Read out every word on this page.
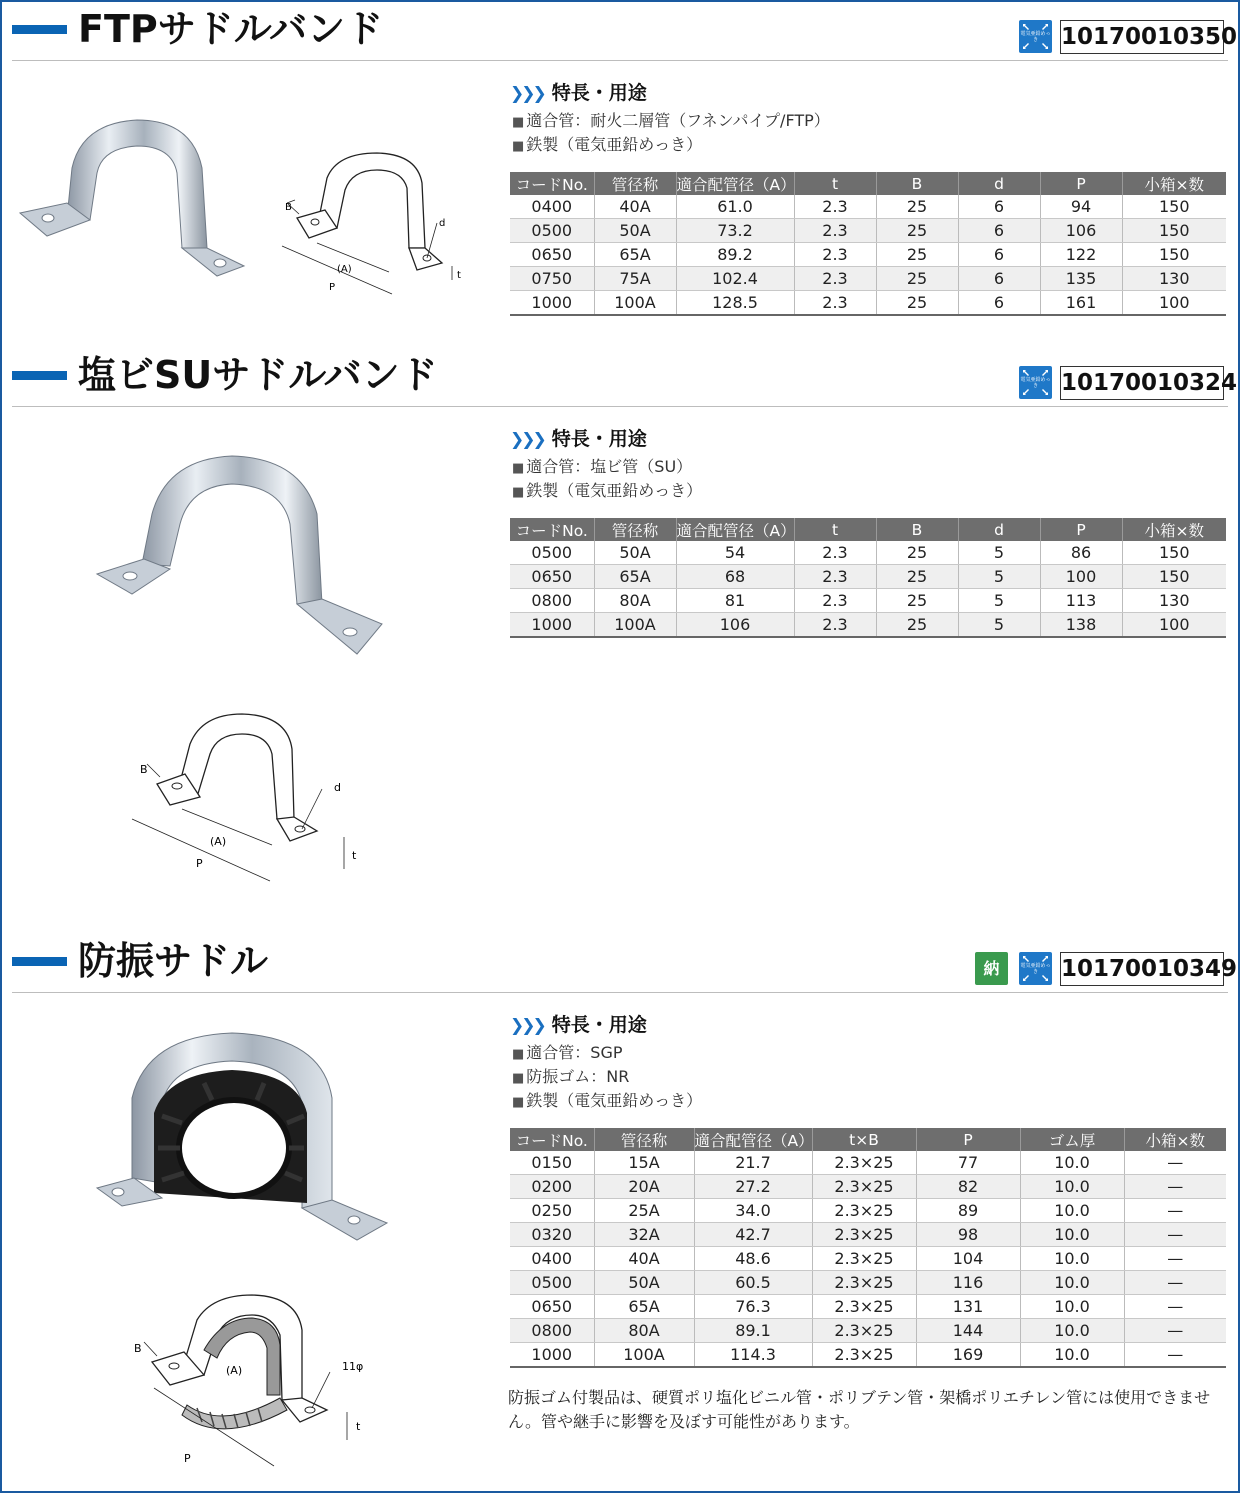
FTPサドルバンド	電気亜鉛めっき	10170010350
B
(A)
P
d
t
❯❯❯ 特長・用途
■ 適合管：耐火二層管（フネンパイプ/FTP）
■ 鉄製（電気亜鉛めっき）
コードNo.	管径称	適合配管径（A）	t	B	d	P	小箱×数
0400	40A	61.0	2.3	25	6	94	150
0500	50A	73.2	2.3	25	6	106	150
0650	65A	89.2	2.3	25	6	122	150
0750	75A	102.4	2.3	25	6	135	130
1000	100A	128.5	2.3	25	6	161	100
塩ビSUサドルバンド	電気亜鉛めっき	10170010324
B
(A)
P
d
t
❯❯❯ 特長・用途
■ 適合管：塩ビ管（SU）
■ 鉄製（電気亜鉛めっき）
コードNo.	管径称	適合配管径（A）	t	B	d	P	小箱×数
0500	50A	54	2.3	25	5	86	150
0650	65A	68	2.3	25	5	100	150
0800	80A	81	2.3	25	5	113	130
1000	100A	106	2.3	25	5	138	100
防振サドル	納	電気亜鉛めっき	10170010349
B
(A)
P
11φ
t
❯❯❯ 特長・用途
■ 適合管：SGP
■ 防振ゴム：NR
■ 鉄製（電気亜鉛めっき）
コードNo.	管径称	適合配管径（A）	t×B	P	ゴム厚	小箱×数
0150	15A	21.7	2.3×25	77	10.0	—
0200	20A	27.2	2.3×25	82	10.0	—
0250	25A	34.0	2.3×25	89	10.0	—
0320	32A	42.7	2.3×25	98	10.0	—
0400	40A	48.6	2.3×25	104	10.0	—
0500	50A	60.5	2.3×25	116	10.0	—
0650	65A	76.3	2.3×25	131	10.0	—
0800	80A	89.1	2.3×25	144	10.0	—
1000	100A	114.3	2.3×25	169	10.0	—
防振ゴム付製品は、硬質ポリ塩化ビニル管・ポリブテン管・架橋ポリエチレン管には使用できません。管や継手に影響を及ぼす可能性があります。
